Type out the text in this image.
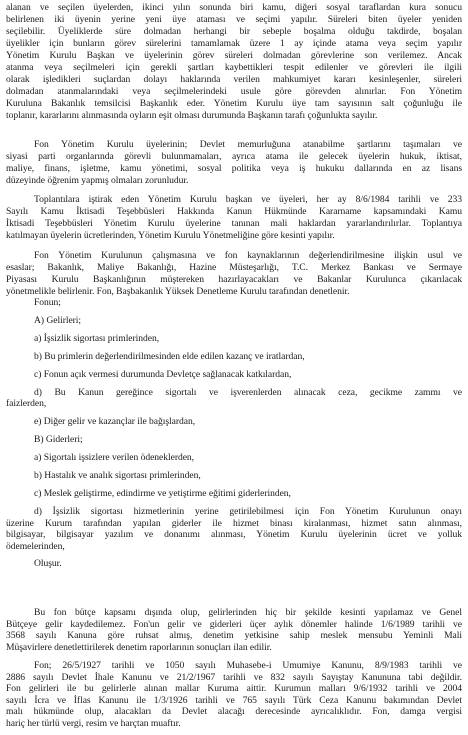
alanan ve seçilen üyelerden, ikinci yılın sonunda biri kamu, diğeri sosyal taraflardan kura sonucu
belirlenen iki üyenin yerine yeni üye ataması ve seçimi yapılır. Süreleri biten üyeler yeniden
seçilebilir. Üyeliklerde süre dolmadan herhangi bir sebeple boşalma olduğu takdirde, boşalan
üyelikler için bunların görev sürelerini tamamlamak üzere 1 ay içinde atama veya seçim yapılır
Yönetim Kurulu Başkan ve üyelerinin görev süreleri dolmadan görevlerine son verilemez. Ancak
atanma veya seçilmeleri için gerekli şartları kaybettikleri tespit edilenler ve görevleri ile ilgili
olarak işledikleri suçlardan dolayı haklarında verilen mahkumiyet kararı kesinleşenler, süreleri
dolmadan atanmalarındaki veya seçilmelerindeki usule göre görevden alınırlar. Fon Yönetim
Kuruluna Bakanlık temsilcisi Başkanlık eder. Yönetim Kurulu üye tam sayısının salt çoğunluğu ile
toplanır, kararlarını alınmasında oyların eşit olması durumunda Başkanın tarafı çoğunlukta sayılır.
Fon Yönetim Kurulu üyelerinin; Devlet memurluğuna atanabilme şartlarını taşımaları ve
siyasi parti organlarında görevli bulunmamaları, ayrıca atama ile gelecek üyelerin hukuk, iktisat,
maliye, finans, işletme, kamu yönetimi, sosyal politika veya iş hukuku dallarında en az lisans
düzeyinde öğrenim yapmış olmaları zorunludur.
Toplantılara iştirak eden Yönetim Kurulu başkan ve üyeleri, her ay 8/6/1984 tarihli ve 233
Sayılı Kamu İktisadi Teşebbüsleri Hakkında Kanun Hükmünde Kararname kapsamındaki Kamu
İktisadi Teşebbüsleri Yönetim Kurulu üyelerine tanınan mali haklardan yararlandırılırlar. Toplantıya
katılmayan üyelerin ücretlerinden, Yönetim Kurulu Yönetmeliğine göre kesinti yapılır.
Fon Yönetim Kurulunun çalışmasına ve fon kaynaklarının değerlendirilmesine ilişkin usul ve
esaslar; Bakanlık, Maliye Bakanlığı, Hazine Müsteşarlığı, T.C. Merkez Bankası ve Sermaye
Piyasası Kurulu Başkanlığının müştereken hazırlayacakları ve Bakanlar Kurulunca çıkarılacak
yönetmelikle belirlenir. Fon, Başbakanlık Yüksek Denetleme Kurulu tarafından denetlenir.
Fonun;
A) Gelirleri;
a) İşsizlik sigortası primlerinden,
b) Bu primlerin değerlendirilmesinden elde edilen kazanç ve iratlardan,
c) Fonun açık vermesi durumunda Devletçe sağlanacak katkılardan,
d) Bu Kanun gereğince sigortalı ve işverenlerden alınacak ceza, gecikme zammı ve
faizlerden,
e) Diğer gelir ve kazançlar ile bağışlardan,
B) Giderleri;
a) Sigortalı işsizlere verilen ödeneklerden,
b) Hastalık ve analık sigortası primlerinden,
c) Meslek geliştirme, edindirme ve yetiştirme eğitimi giderlerinden,
d) İşsizlik sigortası hizmetlerinin yerine getirilebilmesi için Fon Yönetim Kurulunun onayı
üzerine Kurum tarafından yapılan giderler ile hizmet binası kiralanması, hizmet satın alınması,
bilgisayar, bilgisayar yazılım ve donanımı alınması, Yönetim Kurulu üyelerinin ücret ve yolluk
ödemelerinden,
Oluşur.
Bu fon bütçe kapsamı dışında olup, gelirlerinden hiç bir şekilde kesinti yapılamaz ve Genel
Bütçeye gelir kaydedilemez. Fon'un gelir ve giderleri üçer aylık dönemler halinde 1/6/1989 tarihli ve
3568 sayılı Kanuna göre ruhsat almış, denetim yetkisine sahip meslek mensubu Yeminli Mali
Müşavirlere denetlettirilerek denetim raporlarının sonuçları ilan edilir.
Fon; 26/5/1927 tarihli ve 1050 sayılı Muhasebe-i Umumiye Kanunu, 8/9/1983 tarihli ve
2886 sayılı Devlet İhale Kanunu ve 21/2/1967 tarihli ve 832 sayılı Sayıştay Kanununa tabi değildir.
Fon gelirleri ile bu gelirlerle alınan mallar Kuruma aittir. Kurumun malları 9/6/1932 tarihli ve 2004
sayılı İcra ve İflas Kanunu ile 1/3/1926 tarihli ve 765 sayılı Türk Ceza Kanunu bakımından Devlet
malı hükmünde olup, alacakları da Devlet alacağı derecesinde ayrıcalıklıdır. Fon, damga vergisi
hariç her türlü vergi, resim ve harçtan muaftır.
